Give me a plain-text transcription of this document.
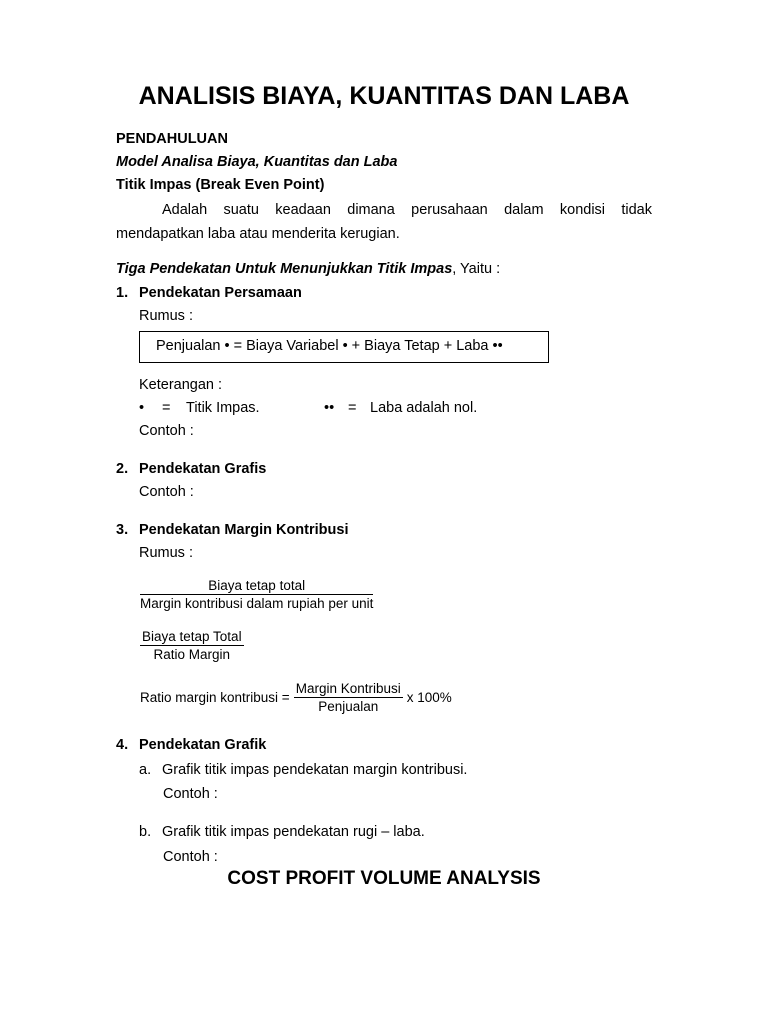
ANALISIS BIAYA, KUANTITAS DAN LABA
PENDAHULUAN
Model Analisa Biaya, Kuantitas dan Laba
Titik Impas (Break Even Point)
Adalah suatu keadaan dimana perusahaan dalam kondisi tidak mendapatkan laba atau menderita kerugian.
Tiga Pendekatan Untuk Menunjukkan Titik Impas, Yaitu :
1. Pendekatan Persamaan
Rumus :
Penjualan • = Biaya Variabel • + Biaya Tetap + Laba ••
Keterangan :
• = Titik Impas.	•• = Laba adalah nol.
Contoh :
2. Pendekatan Grafis
Contoh :
3. Pendekatan Margin Kontribusi
Rumus :
Biaya tetap total
Margin kontribusi dalam rupiah per unit
Biaya tetap Total
Ratio Margin
Ratio margin kontribusi = $\frac{\text{Margin Kontribusi}}{\text{Penjualan}}$ x 100%
4. Pendekatan Grafik
a. Grafik titik impas pendekatan margin kontribusi.
Contoh :
b. Grafik titik impas pendekatan rugi – laba.
Contoh :
COST PROFIT VOLUME ANALYSIS
